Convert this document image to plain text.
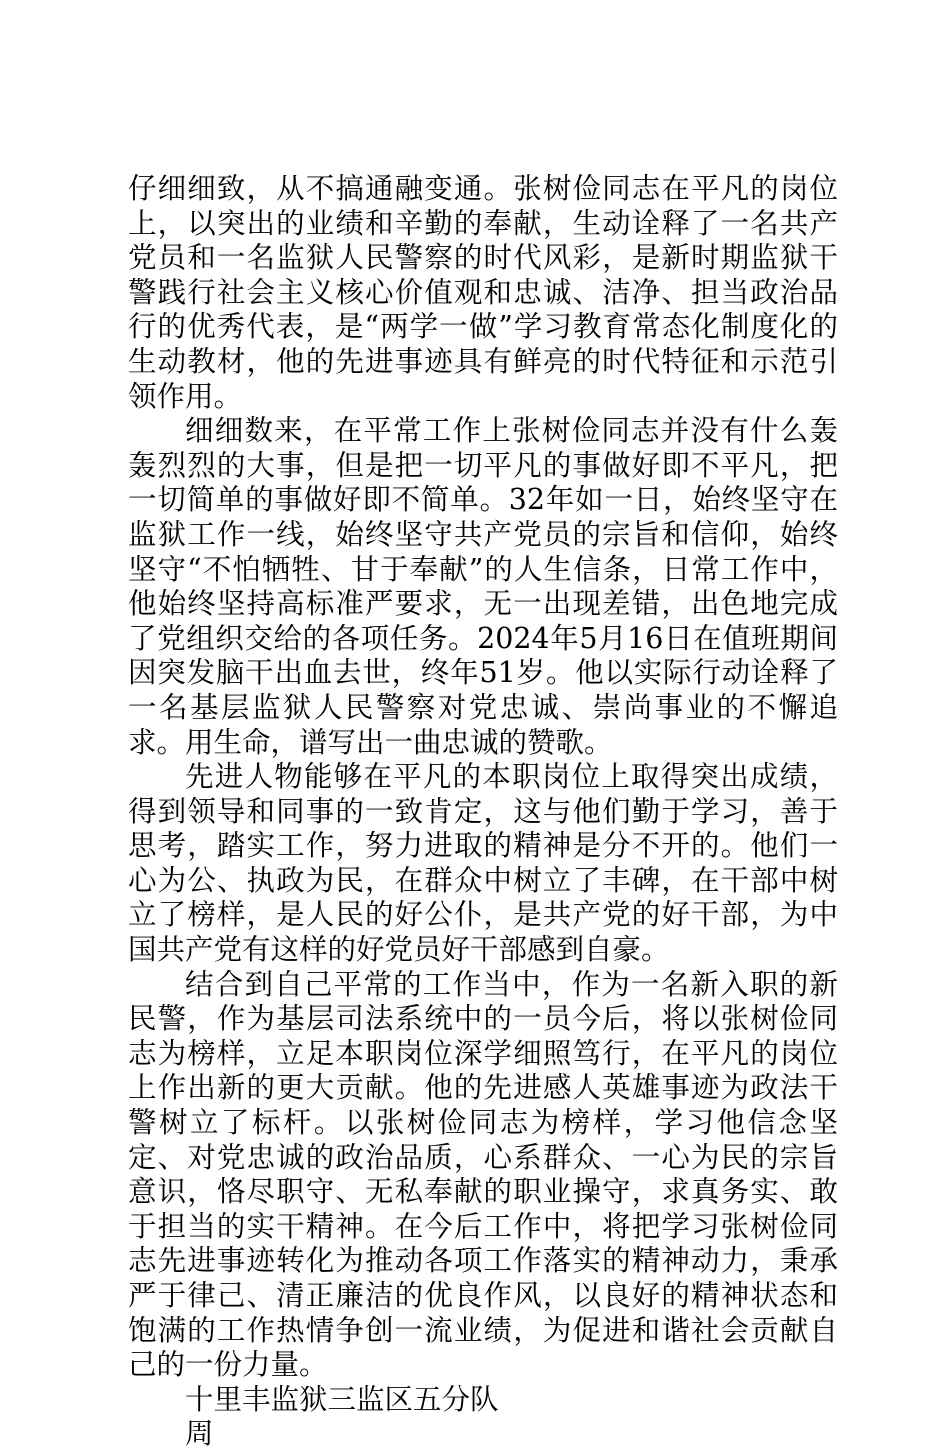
仔细细致，从不搞通融变通。张树俭同志在平凡的岗位上，以突出的业绩和辛勤的奉献，生动诠释了一名共产党员和一名监狱人民警察的时代风彩，是新时期监狱干警践行社会主义核心价值观和忠诚、洁净、担当政治品行的优秀代表，是“两学一做”学习教育常态化制度化的生动教材，他的先进事迹具有鲜亮的时代特征和示范引领作用。

细细数来，在平常工作上张树俭同志并没有什么轰轰烈烈的大事，但是把一切平凡的事做好即不平凡，把一切简单的事做好即不简单。32年如一日，始终坚守在监狱工作一线，始终坚守共产党员的宗旨和信仰，始终坚守“不怕牺牲、甘于奉献”的人生信条，日常工作中，他始终坚持高标准严要求，无一出现差错，出色地完成了党组织交给的各项任务。2024年5月16日在值班期间因突发脑干出血去世，终年51岁。他以实际行动诠释了一名基层监狱人民警察对党忠诚、崇尚事业的不懈追求。用生命，谱写出一曲忠诚的赞歌。

先进人物能够在平凡的本职岗位上取得突出成绩，得到领导和同事的一致肯定，这与他们勤于学习，善于思考，踏实工作，努力进取的精神是分不开的。他们一心为公、执政为民，在群众中树立了丰碑，在干部中树立了榜样，是人民的好公仆，是共产党的好干部，为中国共产党有这样的好党员好干部感到自豪。

结合到自己平常的工作当中，作为一名新入职的新民警，作为基层司法系统中的一员今后，将以张树俭同志为榜样，立足本职岗位深学细照笃行，在平凡的岗位上作出新的更大贡献。他的先进感人英雄事迹为政法干警树立了标杆。以张树俭同志为榜样，学习他信念坚定、对党忠诚的政治品质，心系群众、一心为民的宗旨意识，恪尽职守、无私奉献的职业操守，求真务实、敢于担当的实干精神。在今后工作中，将把学习张树俭同志先进事迹转化为推动各项工作落实的精神动力，秉承严于律己、清正廉洁的优良作风，以良好的精神状态和饱满的工作热情争创一流业绩，为促进和谐社会贡献自己的一份力量。

十里丰监狱三监区五分队

周
